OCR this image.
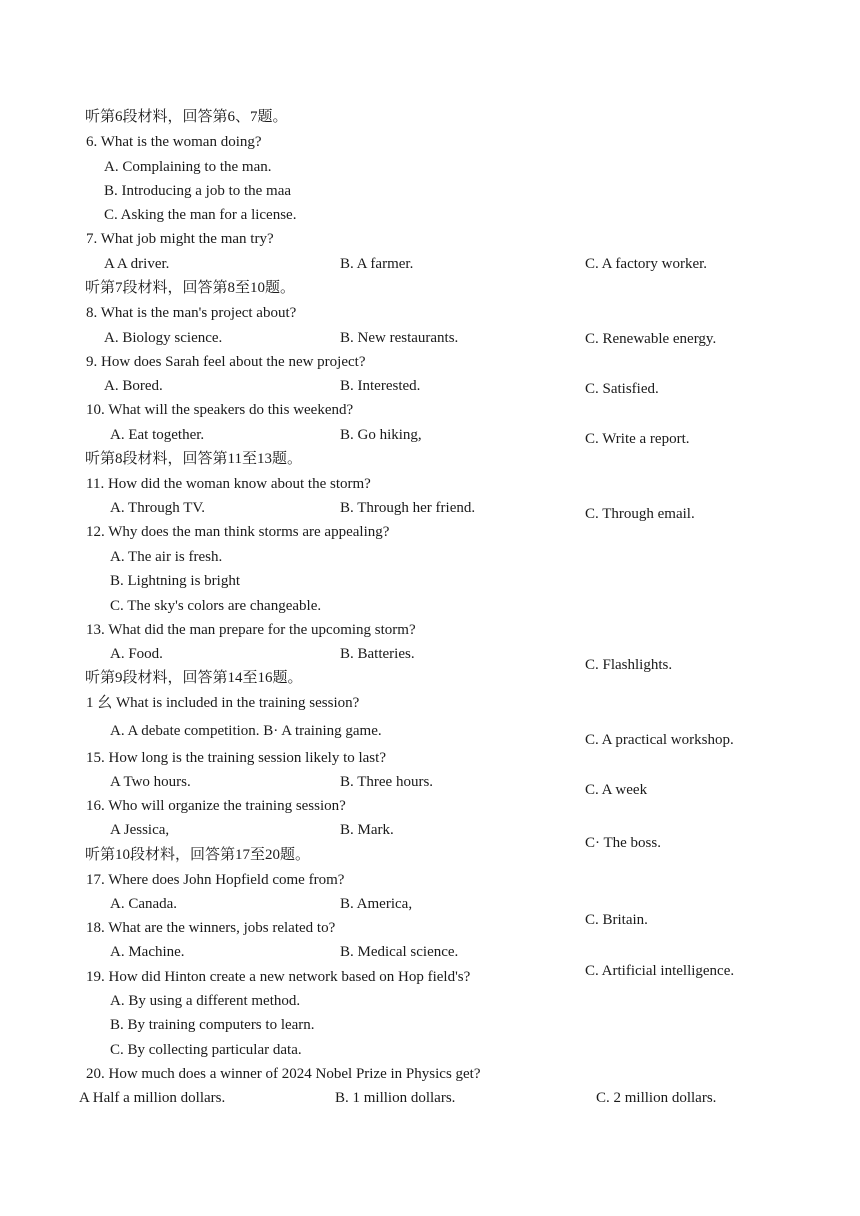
听第6段材料，回答第6、7题。
6. What is the woman doing?
A. Complaining to the man.
B. Introducing a job to the maa
C. Asking the man for a license.
7. What job might the man try?
A A driver.	B. A farmer.	C. A factory worker.
听第7段材料，回答第8至10题。
8. What is the man's project about?
A. Biology science.	B. New restaurants.	C. Renewable energy.
9. How does Sarah feel about the new project?
A. Bored.	B. Interested.	C. Satisfied.
10. What will the speakers do this weekend?
A. Eat together.	B. Go hiking,	C. Write a report.
听第8段材料，回答第11至13题。
11. How did the woman know about the storm?
A. Through TV.	B. Through her friend.	C. Through email.
12. Why does the man think storms are appealing?
A. The air is fresh.
B. Lightning is bright
C. The sky's colors are changeable.
13. What did the man prepare for the upcoming storm?
A. Food.	B. Batteries.
C. Flashlights.
听第9段材料，回答第14至16题。
1 幺 What is included in the training session?
A. A debate competition. B· A training game.
C. A practical workshop.
15. How long is the training session likely to last?
A Two hours.	B. Three hours.	C. A week
16. Who will organize the training session?
A Jessica,	B. Mark.
C· The boss.
听第10段材料，回答第17至20题。
17. Where does John Hopfield come from?
A. Canada.	B. America,
C. Britain.
18. What are the winners, jobs related to?
A. Machine.	B. Medical science.
C. Artificial intelligence.
19. How did Hinton create a new network based on Hop field's?
A. By using a different method.
B. By training computers to learn.
C. By collecting particular data.
20. How much does a winner of 2024 Nobel Prize in Physics get?
A Half a million dollars.	B. 1 million dollars.	C. 2 million dollars.
